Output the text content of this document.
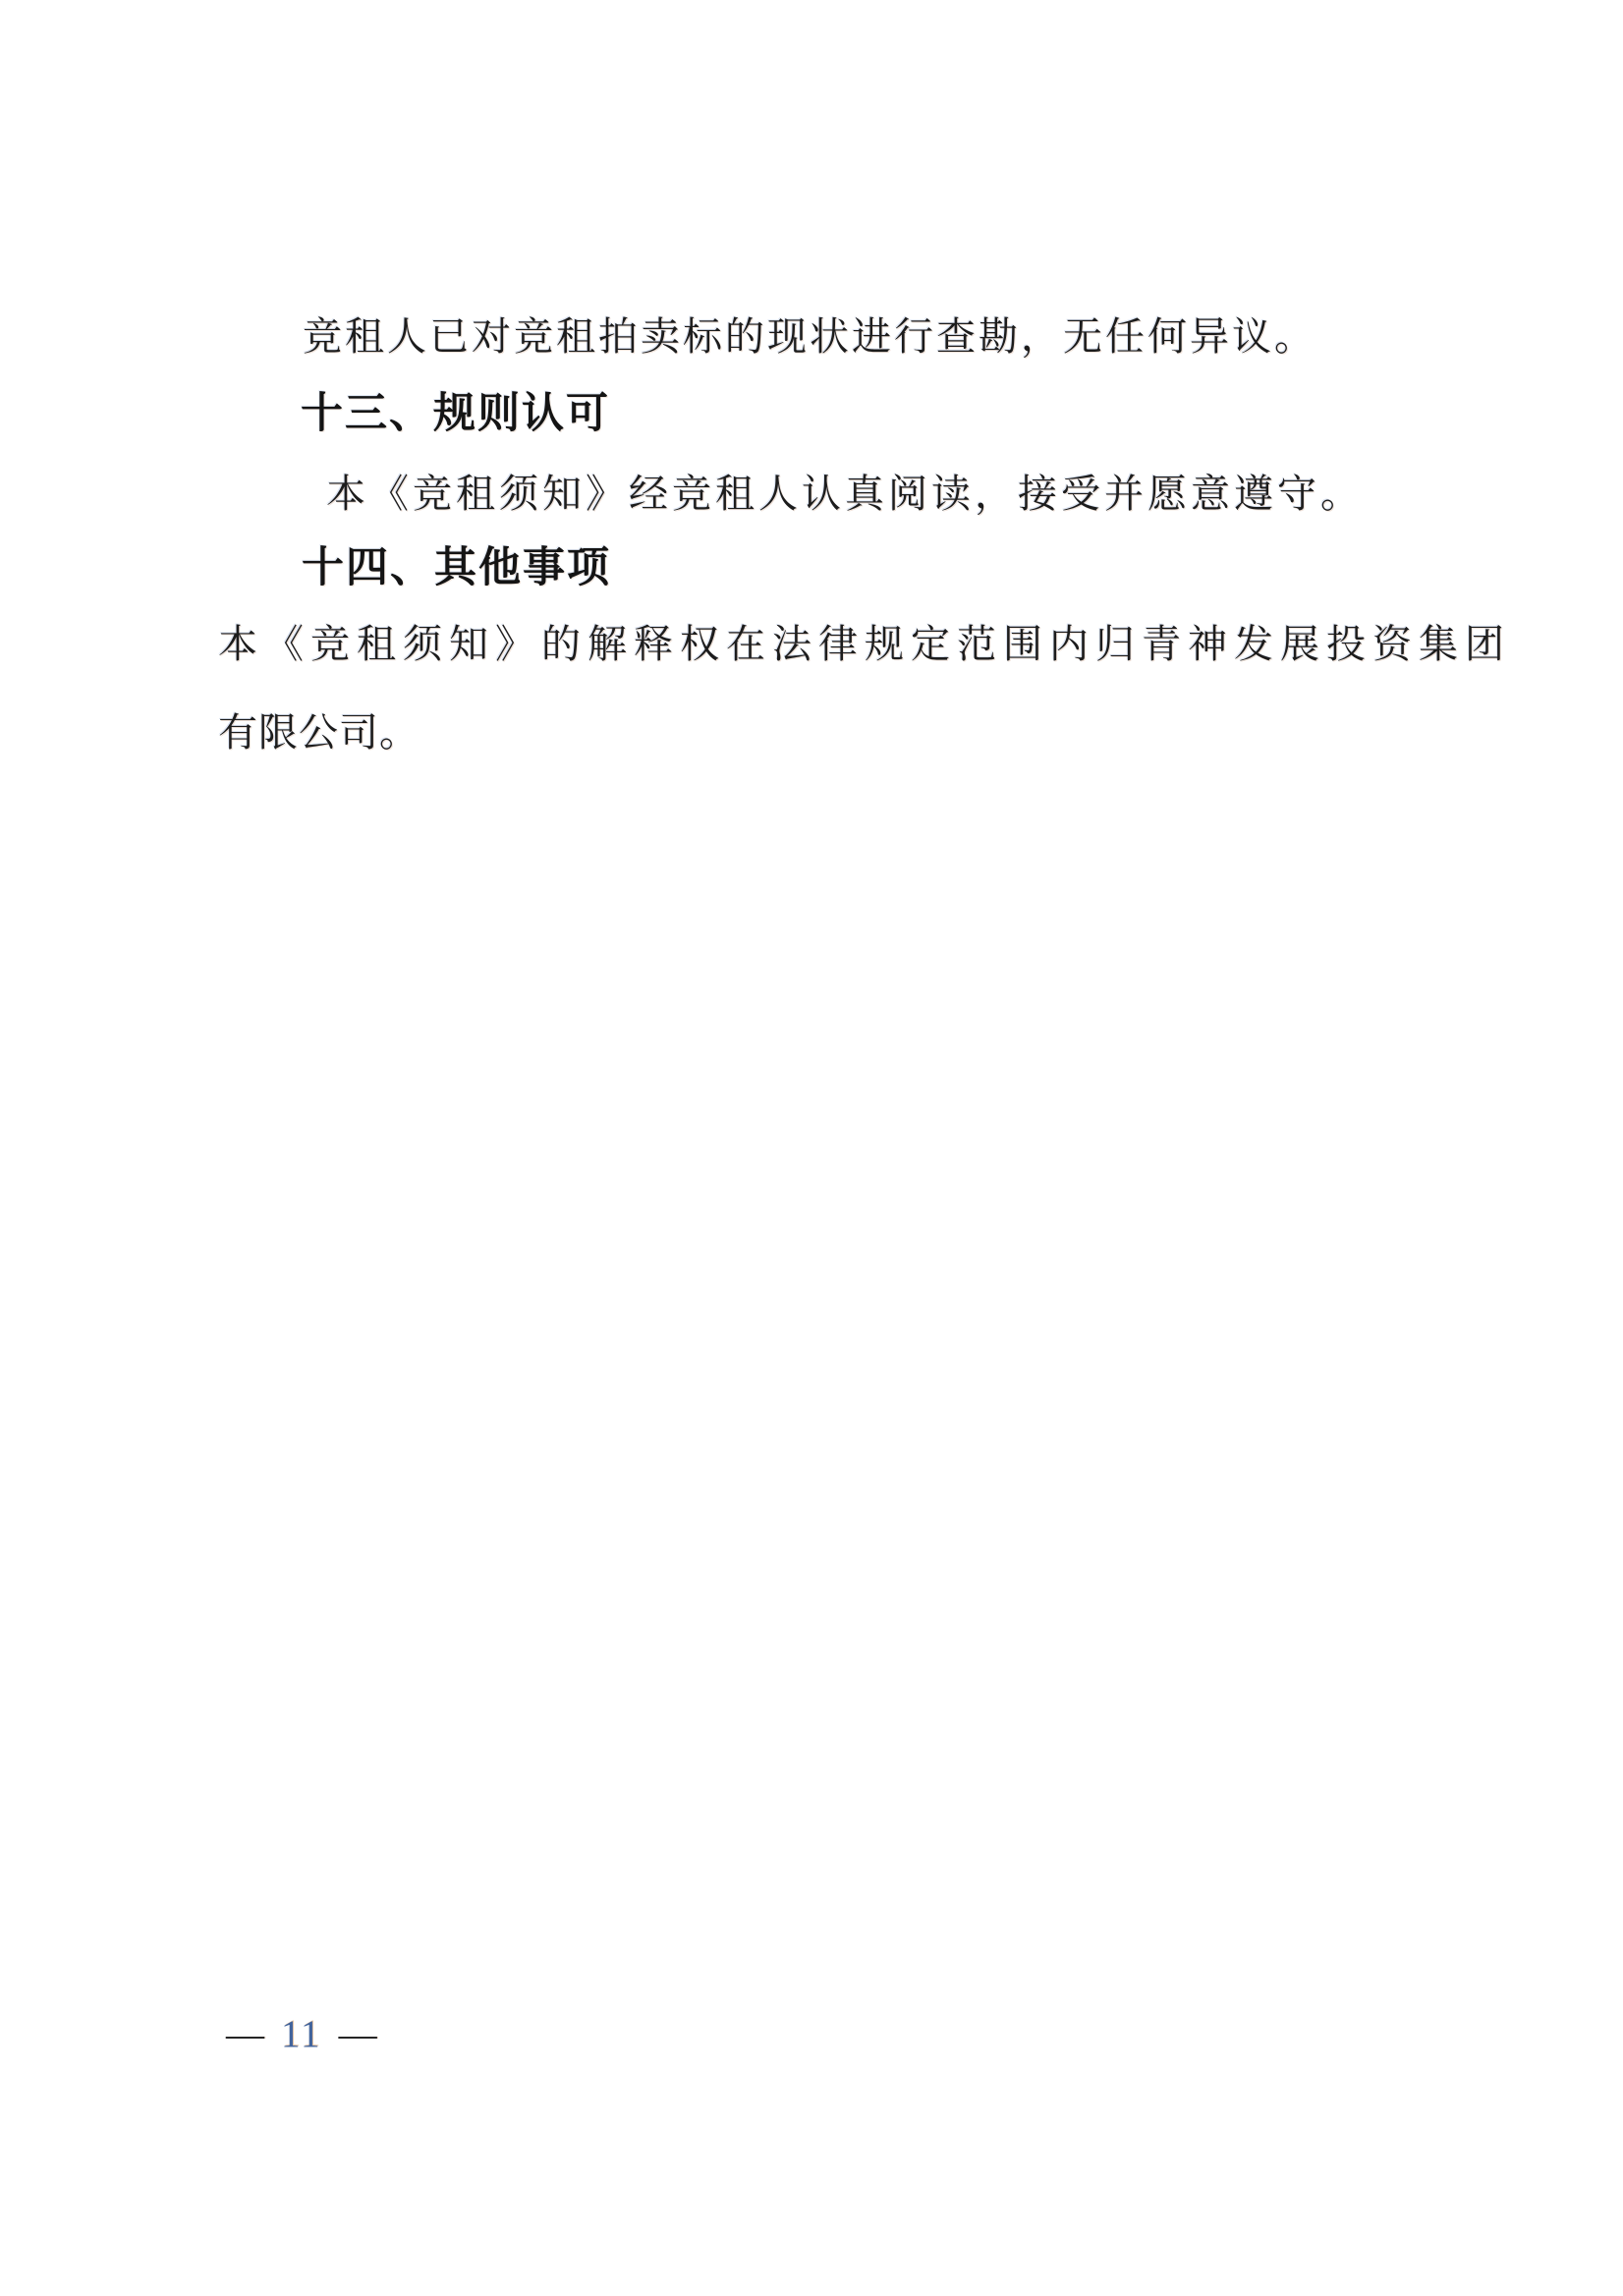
竞租人已对竞租拍卖标的现状进行查勘，无任何异议。
十三、规则认可
本《竞租须知》经竞租人认真阅读，接受并愿意遵守。
十四、其他事项
本《竞租须知》的解释权在法律规定范围内归青神发展投资集团
有限公司。
— 11 —
